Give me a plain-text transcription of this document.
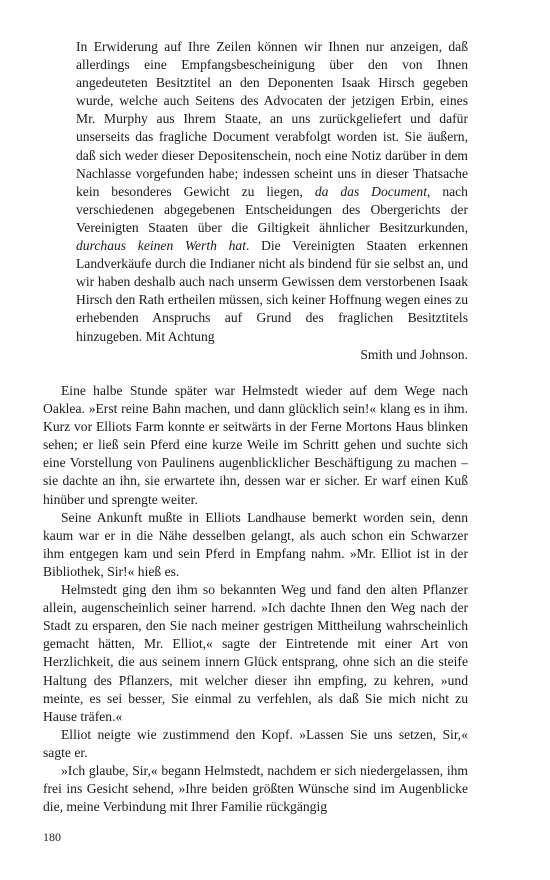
In Erwiderung auf Ihre Zeilen können wir Ihnen nur anzeigen, daß allerdings eine Empfangsbescheinigung über den von Ihnen angedeuteten Besitztitel an den Deponenten Isaak Hirsch gegeben wurde, welche auch Seitens des Advocaten der jetzigen Erbin, eines Mr. Murphy aus Ihrem Staate, an uns zurückgeliefert und dafür unserseits das fragliche Document verabfolgt worden ist. Sie äußern, daß sich weder dieser Depositenschein, noch eine Notiz darüber in dem Nachlasse vorgefunden habe; indessen scheint uns in dieser Thatsache kein besonderes Gewicht zu liegen, da das Document, nach verschiedenen abgegebenen Entscheidungen des Obergerichts der Vereinigten Staaten über die Giltigkeit ähnlicher Besitzurkunden, durchaus keinen Werth hat. Die Vereinigten Staaten erkennen Landverkäufe durch die Indianer nicht als bindend für sie selbst an, und wir haben deshalb auch nach unserm Gewissen dem verstorbenen Isaak Hirsch den Rath ertheilen müssen, sich keiner Hoffnung wegen eines zu erhebenden Anspruchs auf Grund des fraglichen Besitztitels hinzugeben. Mit Achtung

Smith und Johnson.

Eine halbe Stunde später war Helmstedt wieder auf dem Wege nach Oaklea. »Erst reine Bahn machen, und dann glücklich sein!« klang es in ihm. Kurz vor Elliots Farm konnte er seitwärts in der Ferne Mortons Haus blinken sehen; er ließ sein Pferd eine kurze Weile im Schritt gehen und suchte sich eine Vorstellung von Paulinens augenblicklicher Beschäftigung zu machen – sie dachte an ihn, sie erwartete ihn, dessen war er sicher. Er warf einen Kuß hinüber und sprengte weiter.

Seine Ankunft mußte in Elliots Landhause bemerkt worden sein, denn kaum war er in die Nähe desselben gelangt, als auch schon ein Schwarzer ihm entgegen kam und sein Pferd in Empfang nahm. »Mr. Elliot ist in der Bibliothek, Sir!« hieß es.

Helmstedt ging den ihm so bekannten Weg und fand den alten Pflanzer allein, augenscheinlich seiner harrend. »Ich dachte Ihnen den Weg nach der Stadt zu ersparen, den Sie nach meiner gestrigen Mittheilung wahrscheinlich gemacht hätten, Mr. Elliot,« sagte der Eintretende mit einer Art von Herzlichkeit, die aus seinem innern Glück entsprang, ohne sich an die steife Haltung des Pflanzers, mit welcher dieser ihn empfing, zu kehren, »und meinte, es sei besser, Sie einmal zu verfehlen, als daß Sie mich nicht zu Hause träfen.«

Elliot neigte wie zustimmend den Kopf. »Lassen Sie uns setzen, Sir,« sagte er.

»Ich glaube, Sir,« begann Helmstedt, nachdem er sich niedergelassen, ihm frei ins Gesicht sehend, »Ihre beiden größten Wünsche sind im Augenblicke die, meine Verbindung mit Ihrer Familie rückgängig

180
